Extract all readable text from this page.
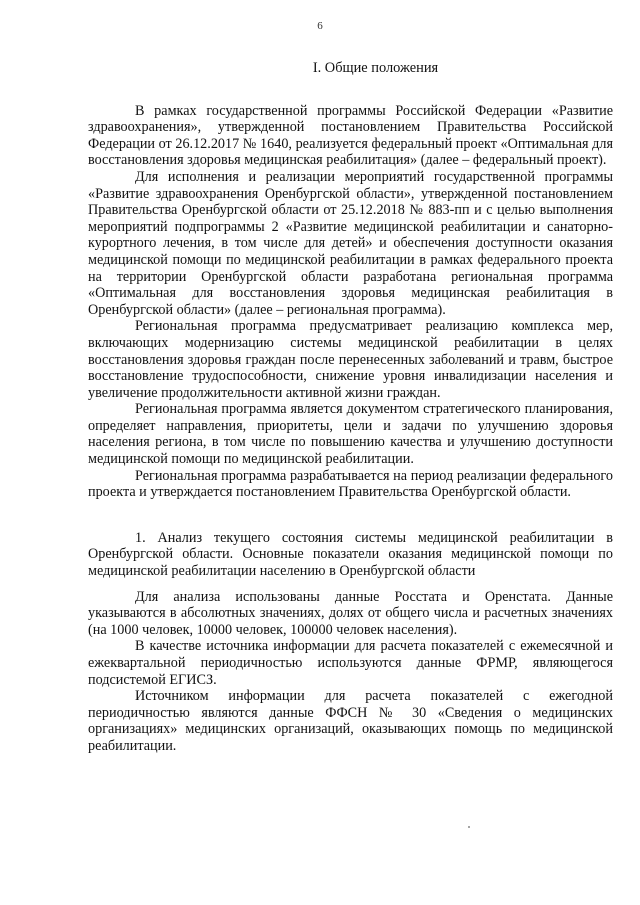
6

I. Общие положения

В рамках государственной программы Российской Федерации «Развитие здравоохранения», утвержденной постановлением Правительства Российской Федерации от 26.12.2017 № 1640, реализуется федеральный проект «Оптимальная для восстановления здоровья медицинская реабилитация» (далее – федеральный проект).

Для исполнения и реализации мероприятий государственной программы «Развитие здравоохранения Оренбургской области», утвержденной постановлением Правительства Оренбургской области от 25.12.2018 № 883-пп и с целью выполнения мероприятий подпрограммы 2 «Развитие медицинской реабилитации и санаторно-курортного лечения, в том числе для детей» и обеспечения доступности оказания медицинской помощи по медицинской реабилитации в рамках федерального проекта на территории Оренбургской области разработана региональная программа «Оптимальная для восстановления здоровья медицинская реабилитация в Оренбургской области» (далее – региональная программа).

Региональная программа предусматривает реализацию комплекса мер, включающих модернизацию системы медицинской реабилитации в целях восстановления здоровья граждан после перенесенных заболеваний и травм, быстрое восстановление трудоспособности, снижение уровня инвалидизации населения и увеличение продолжительности активной жизни граждан.

Региональная программа является документом стратегического планирования, определяет направления, приоритеты, цели и задачи по улучшению здоровья населения региона, в том числе по повышению качества и улучшению доступности медицинской помощи по медицинской реабилитации.

Региональная программа разрабатывается на период реализации федерального проекта и утверждается постановлением Правительства Оренбургской области.

1. Анализ текущего состояния системы медицинской реабилитации в Оренбургской области. Основные показатели оказания медицинской помощи по медицинской реабилитации населению в Оренбургской области

Для анализа использованы данные Росстата и Оренстата. Данные указываются в абсолютных значениях, долях от общего числа и расчетных значениях (на 1000 человек, 10000 человек, 100000 человек населения).

В качестве источника информации для расчета показателей с ежемесячной и ежеквартальной периодичностью используются данные ФРМР, являющегося подсистемой ЕГИСЗ.

Источником информации для расчета показателей с ежегодной периодичностью являются данные ФФСН № 30 «Сведения о медицинских организациях» медицинских организаций, оказывающих помощь по медицинской реабилитации.
